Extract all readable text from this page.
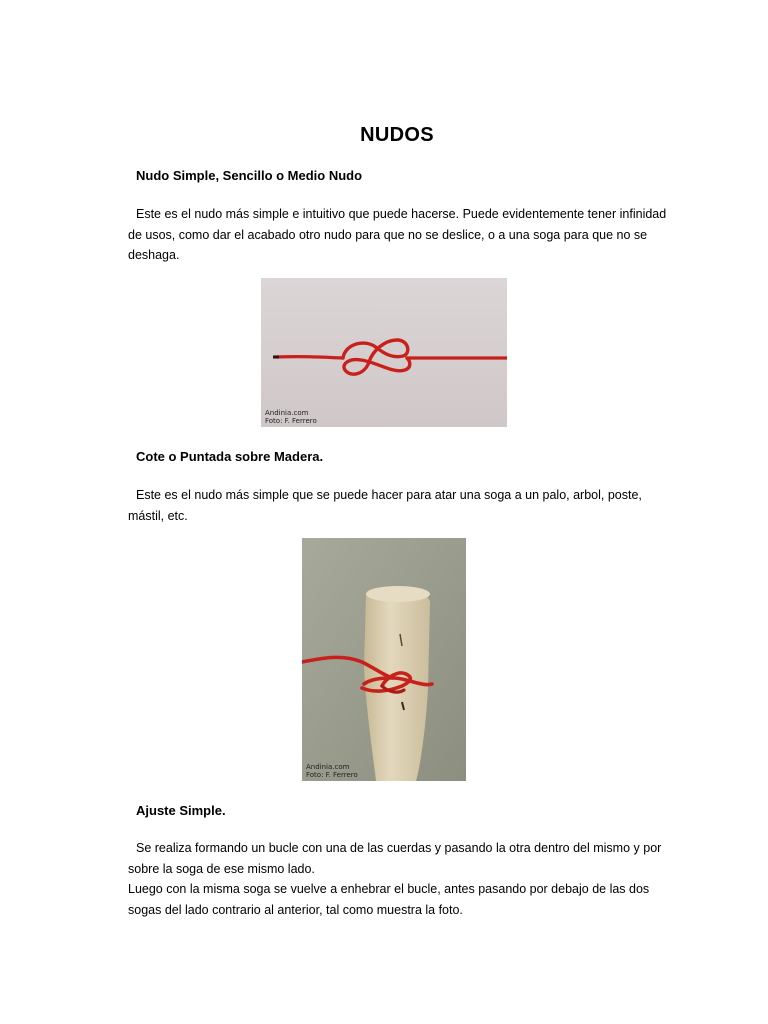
NUDOS
Nudo Simple, Sencillo o Medio Nudo

Este es el nudo más simple e intuitivo que puede hacerse. Puede evidentemente tener infinidad de usos, como dar el acabado otro nudo para que no se deslice, o a una soga para que no se deshaga.

Andinia.com
Foto: F. Ferrero
Cote o Puntada sobre Madera.

Este es el nudo más simple que se puede hacer para atar una soga a un palo, arbol, poste, mástil, etc.

Andinia.com
Foto: F. Ferrero
Ajuste Simple.

Se realiza formando un bucle con una de las cuerdas y pasando la otra dentro del mismo y por sobre la soga de ese mismo lado.
Luego con la misma soga se vuelve a enhebrar el bucle, antes pasando por debajo de las dos sogas del lado contrario al anterior, tal como muestra la foto.
